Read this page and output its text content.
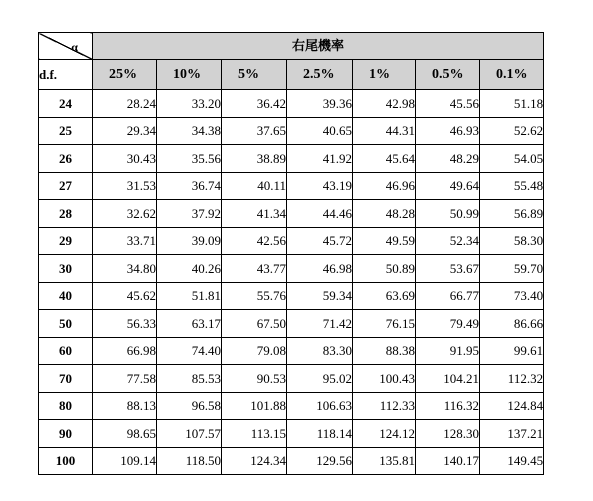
α	右尾機率						
d.f.	25%	10%	5%	2.5%	1%	0.5%	0.1%
24	28.24	33.20	36.42	39.36	42.98	45.56	51.18
25	29.34	34.38	37.65	40.65	44.31	46.93	52.62
26	30.43	35.56	38.89	41.92	45.64	48.29	54.05
27	31.53	36.74	40.11	43.19	46.96	49.64	55.48
28	32.62	37.92	41.34	44.46	48.28	50.99	56.89
29	33.71	39.09	42.56	45.72	49.59	52.34	58.30
30	34.80	40.26	43.77	46.98	50.89	53.67	59.70
40	45.62	51.81	55.76	59.34	63.69	66.77	73.40
50	56.33	63.17	67.50	71.42	76.15	79.49	86.66
60	66.98	74.40	79.08	83.30	88.38	91.95	99.61
70	77.58	85.53	90.53	95.02	100.43	104.21	112.32
80	88.13	96.58	101.88	106.63	112.33	116.32	124.84
90	98.65	107.57	113.15	118.14	124.12	128.30	137.21
100	109.14	118.50	124.34	129.56	135.81	140.17	149.45
